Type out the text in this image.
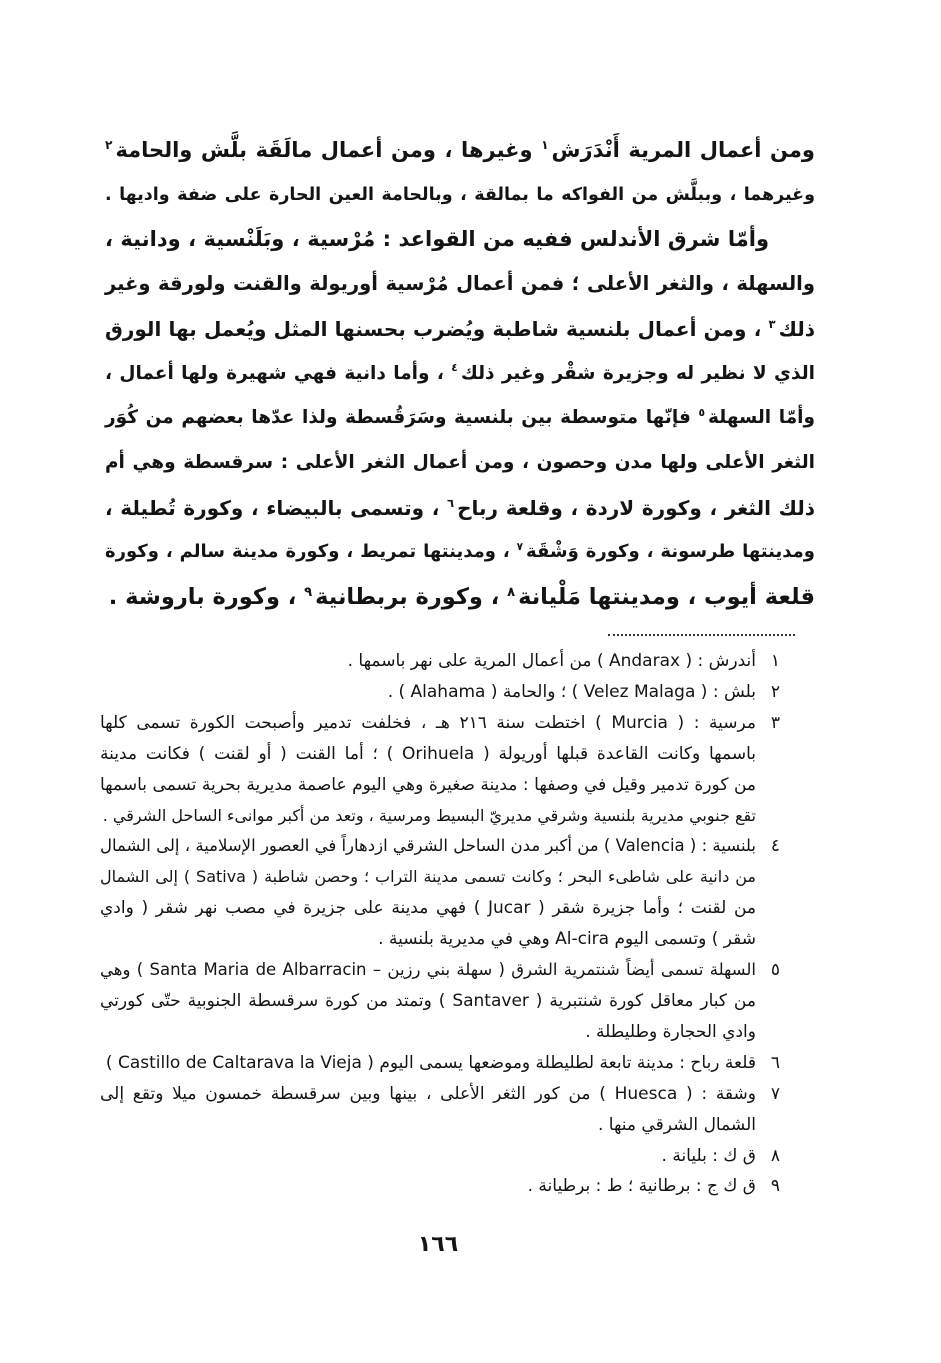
ومن أعمال المرية أَنْدَرَش$^١$ وغيرها ، ومن أعمال مالَقَة بلَّش والحامة$^٢$
وغيرهما ، وببلَّش من الفواكه ما بمالقة ، وبالحامة العين الحارة على ضفة واديها .
وأمّا شرق الأندلس ففيه من القواعد : مُرْسية ، وبَلَنْسية ، ودانية ،
والسهلة ، والثغر الأعلى ؛ فمن أعمال مُرْسية أوريولة والقنت ولورقة وغير
ذلك$^٣$ ، ومن أعمال بلنسية شاطبة ويُضرب بحسنها المثل ويُعمل بها الورق
الذي لا نظير له وجزيرة شقْر وغير ذلك$^٤$ ، وأما دانية فهي شهيرة ولها أعمال ،
وأمّا السهلة$^٥$ فإنّها متوسطة بين بلنسية وسَرَقُسطة ولذا عدّها بعضهم من كُوَر
الثغر الأعلى ولها مدن وحصون ، ومن أعمال الثغر الأعلى : سرقسطة وهي أم
ذلك الثغر ، وكورة لاردة ، وقلعة رباح$^٦$ ، وتسمى بالبيضاء ، وكورة تُطيلة ،
ومدينتها طرسونة ، وكورة وَشْقَة$^٧$ ، ومدينتها تمريط ، وكورة مدينة سالم ، وكورة
قلعة أيوب ، ومدينتها مَلْيانة$^٨$ ، وكورة بربطانية$^٩$ ، وكورة باروشة .
١
أندرش : ( Andarax ) من أعمال المرية على نهر باسمها .
٢
بلش : ( Velez Malaga ) ؛ والحامة ( Alahama ) .
٣
مرسية : ( Murcia ) اختطت سنة ٢١٦ هـ ، فخلفت تدمير وأصبحت الكورة تسمى كلها
باسمها وكانت القاعدة قبلها أوريولة ( Orihuela ) ؛ أما القنت ( أو لقنت ) فكانت مدينة
من كورة تدمير وقيل في وصفها : مدينة صغيرة وهي اليوم عاصمة مديرية بحرية تسمى باسمها
تقع جنوبي مديرية بلنسية وشرقي مديريّ البسيط ومرسية ، وتعد من أكبر موانىء الساحل الشرقي .
٤
بلنسية : ( Valencia ) من أكبر مدن الساحل الشرقي ازدهاراً في العصور الإسلامية ، إلى الشمال
من دانية على شاطىء البحر ؛ وكانت تسمى مدينة التراب ؛ وحصن شاطبة ( Sativa ) إلى الشمال
من لقنت ؛ وأما جزيرة شقر ( Jucar ) فهي مدينة على جزيرة في مصب نهر شقر ( وادي
شقر ) وتسمى اليوم Al-cira وهي في مديرية بلنسية .
٥
السهلة تسمى أيضاً شنتمرية الشرق ( سهلة بني رزين – Santa Maria de Albarracin ) وهي
من كبار معاقل كورة شنتبرية ( Santaver ) وتمتد من كورة سرقسطة الجنوبية حتّى كورتي
وادي الحجارة وطليطلة .
٦
قلعة رباح : مدينة تابعة لطليطلة وموضعها يسمى اليوم ( Castillo de Caltarava la Vieja )
٧
وشقة : ( Huesca ) من كور الثغر الأعلى ، بينها وبين سرقسطة خمسون ميلا وتقع إلى
الشمال الشرقي منها .
٨
ق ك : بليانة .
٩
ق ك ج : برطانية ؛ ط : برطيانة .
١٦٦
